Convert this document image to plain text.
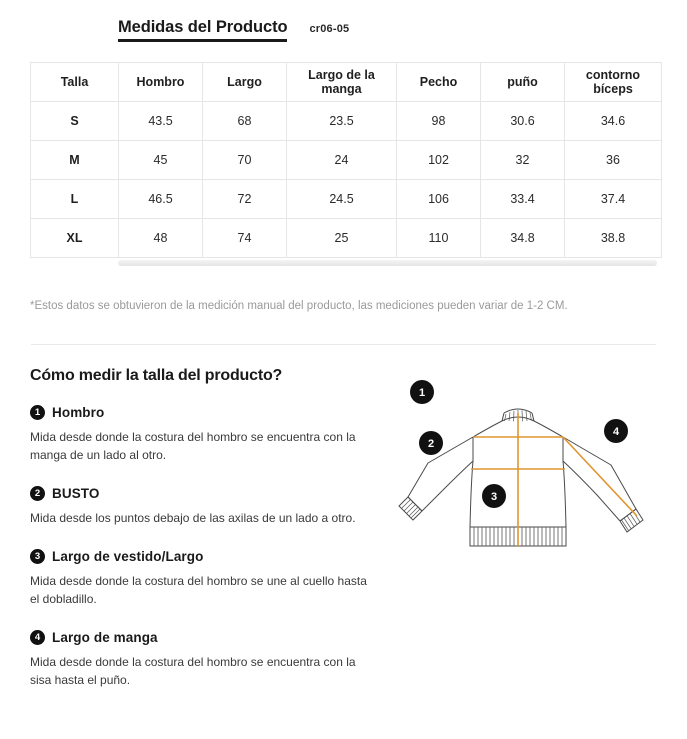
Medidas del Producto cr06-05
Talla	Hombro	Largo	Largo de la manga	Pecho	puño	contorno bíceps
S	43.5	68	23.5	98	30.6	34.6
M	45	70	24	102	32	36
L	46.5	72	24.5	106	33.4	37.4
XL	48	74	25	110	34.8	38.8
*Estos datos se obtuvieron de la medición manual del producto, las mediciones pueden variar de 1-2 CM.
Cómo medir la talla del producto?
1 Hombro
Mida desde donde la costura del hombro se encuentra con la manga de un lado al otro.
2 BUSTO
Mida desde los puntos debajo de las axilas de un lado a otro.
3 Largo de vestido/Largo
Mida desde donde la costura del hombro se une al cuello hasta el dobladillo.
4 Largo de manga
Mida desde donde la costura del hombro se encuentra con la sisa hasta el puño.
1
2
3
4
